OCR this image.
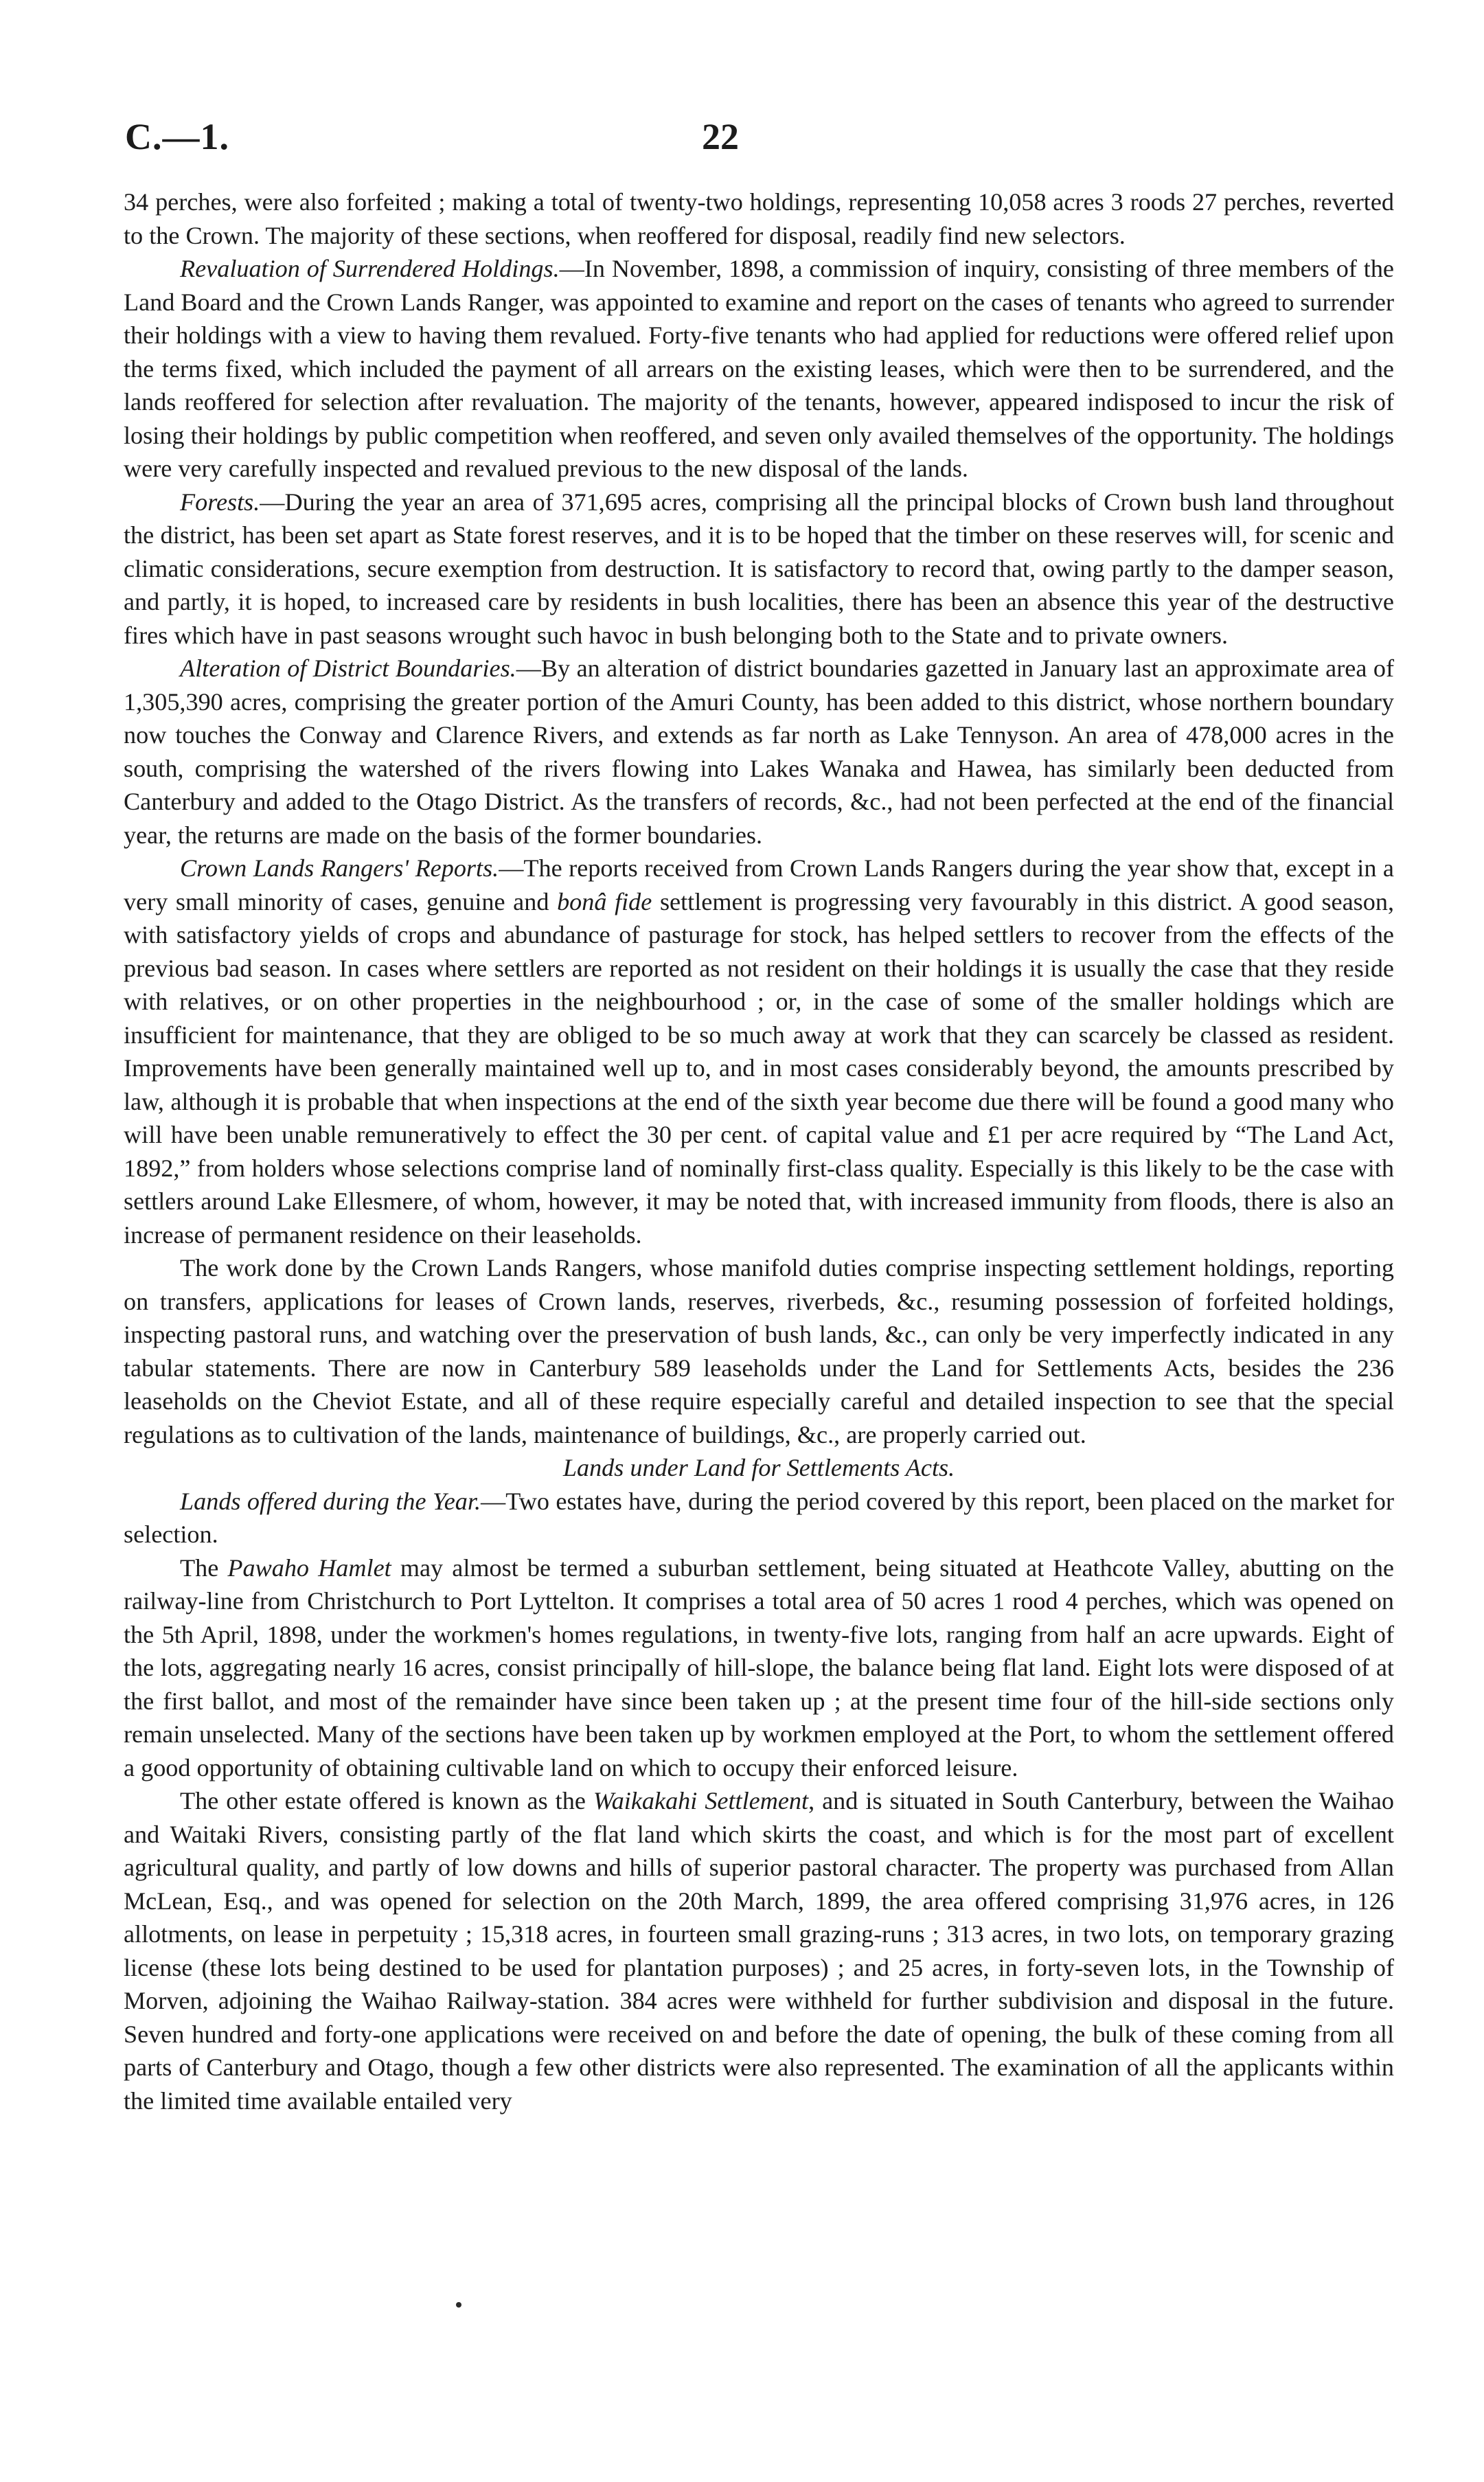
C.—1.	22

34 perches, were also forfeited ; making a total of twenty-two holdings, representing 10,058 acres 3 roods 27 perches, reverted to the Crown. The majority of these sections, when reoffered for disposal, readily find new selectors.

Revaluation of Surrendered Holdings.—In November, 1898, a commission of inquiry, consisting of three members of the Land Board and the Crown Lands Ranger, was appointed to examine and report on the cases of tenants who agreed to surrender their holdings with a view to having them revalued. Forty-five tenants who had applied for reductions were offered relief upon the terms fixed, which included the payment of all arrears on the existing leases, which were then to be surrendered, and the lands reoffered for selection after revaluation. The majority of the tenants, however, appeared indisposed to incur the risk of losing their holdings by public competition when reoffered, and seven only availed themselves of the opportunity. The holdings were very carefully inspected and revalued previous to the new disposal of the lands.

Forests.—During the year an area of 371,695 acres, comprising all the principal blocks of Crown bush land throughout the district, has been set apart as State forest reserves, and it is to be hoped that the timber on these reserves will, for scenic and climatic considerations, secure exemption from destruction. It is satisfactory to record that, owing partly to the damper season, and partly, it is hoped, to increased care by residents in bush localities, there has been an absence this year of the destructive fires which have in past seasons wrought such havoc in bush belonging both to the State and to private owners.

Alteration of District Boundaries.—By an alteration of district boundaries gazetted in January last an approximate area of 1,305,390 acres, comprising the greater portion of the Amuri County, has been added to this district, whose northern boundary now touches the Conway and Clarence Rivers, and extends as far north as Lake Tennyson. An area of 478,000 acres in the south, comprising the watershed of the rivers flowing into Lakes Wanaka and Hawea, has similarly been deducted from Canterbury and added to the Otago District. As the transfers of records, &c., had not been perfected at the end of the financial year, the returns are made on the basis of the former boundaries.

Crown Lands Rangers' Reports.—The reports received from Crown Lands Rangers during the year show that, except in a very small minority of cases, genuine and bonâ fide settlement is progressing very favourably in this district. A good season, with satisfactory yields of crops and abundance of pasturage for stock, has helped settlers to recover from the effects of the previous bad season. In cases where settlers are reported as not resident on their holdings it is usually the case that they reside with relatives, or on other properties in the neighbourhood ; or, in the case of some of the smaller holdings which are insufficient for maintenance, that they are obliged to be so much away at work that they can scarcely be classed as resident. Improvements have been generally maintained well up to, and in most cases considerably beyond, the amounts prescribed by law, although it is probable that when inspections at the end of the sixth year become due there will be found a good many who will have been unable remuneratively to effect the 30 per cent. of capital value and £1 per acre required by “The Land Act, 1892,” from holders whose selections comprise land of nominally first-class quality. Especially is this likely to be the case with settlers around Lake Ellesmere, of whom, however, it may be noted that, with increased immunity from floods, there is also an increase of permanent residence on their leaseholds.

The work done by the Crown Lands Rangers, whose manifold duties comprise inspecting settlement holdings, reporting on transfers, applications for leases of Crown lands, reserves, riverbeds, &c., resuming possession of forfeited holdings, inspecting pastoral runs, and watching over the preservation of bush lands, &c., can only be very imperfectly indicated in any tabular statements. There are now in Canterbury 589 leaseholds under the Land for Settlements Acts, besides the 236 leaseholds on the Cheviot Estate, and all of these require especially careful and detailed inspection to see that the special regulations as to cultivation of the lands, maintenance of buildings, &c., are properly carried out.

Lands under Land for Settlements Acts.

Lands offered during the Year.—Two estates have, during the period covered by this report, been placed on the market for selection.

The Pawaho Hamlet may almost be termed a suburban settlement, being situated at Heathcote Valley, abutting on the railway-line from Christchurch to Port Lyttelton. It comprises a total area of 50 acres 1 rood 4 perches, which was opened on the 5th April, 1898, under the workmen's homes regulations, in twenty-five lots, ranging from half an acre upwards. Eight of the lots, aggregating nearly 16 acres, consist principally of hill-slope, the balance being flat land. Eight lots were disposed of at the first ballot, and most of the remainder have since been taken up ; at the present time four of the hill-side sections only remain unselected. Many of the sections have been taken up by workmen employed at the Port, to whom the settlement offered a good opportunity of obtaining cultivable land on which to occupy their enforced leisure.

The other estate offered is known as the Waikakahi Settlement, and is situated in South Canterbury, between the Waihao and Waitaki Rivers, consisting partly of the flat land which skirts the coast, and which is for the most part of excellent agricultural quality, and partly of low downs and hills of superior pastoral character. The property was purchased from Allan McLean, Esq., and was opened for selection on the 20th March, 1899, the area offered comprising 31,976 acres, in 126 allotments, on lease in perpetuity ; 15,318 acres, in fourteen small grazing-runs ; 313 acres, in two lots, on temporary grazing license (these lots being destined to be used for plantation purposes) ; and 25 acres, in forty-seven lots, in the Township of Morven, adjoining the Waihao Railway-station. 384 acres were withheld for further subdivision and disposal in the future. Seven hundred and forty-one applications were received on and before the date of opening, the bulk of these coming from all parts of Canterbury and Otago, though a few other districts were also represented. The examination of all the applicants within the limited time available entailed very
